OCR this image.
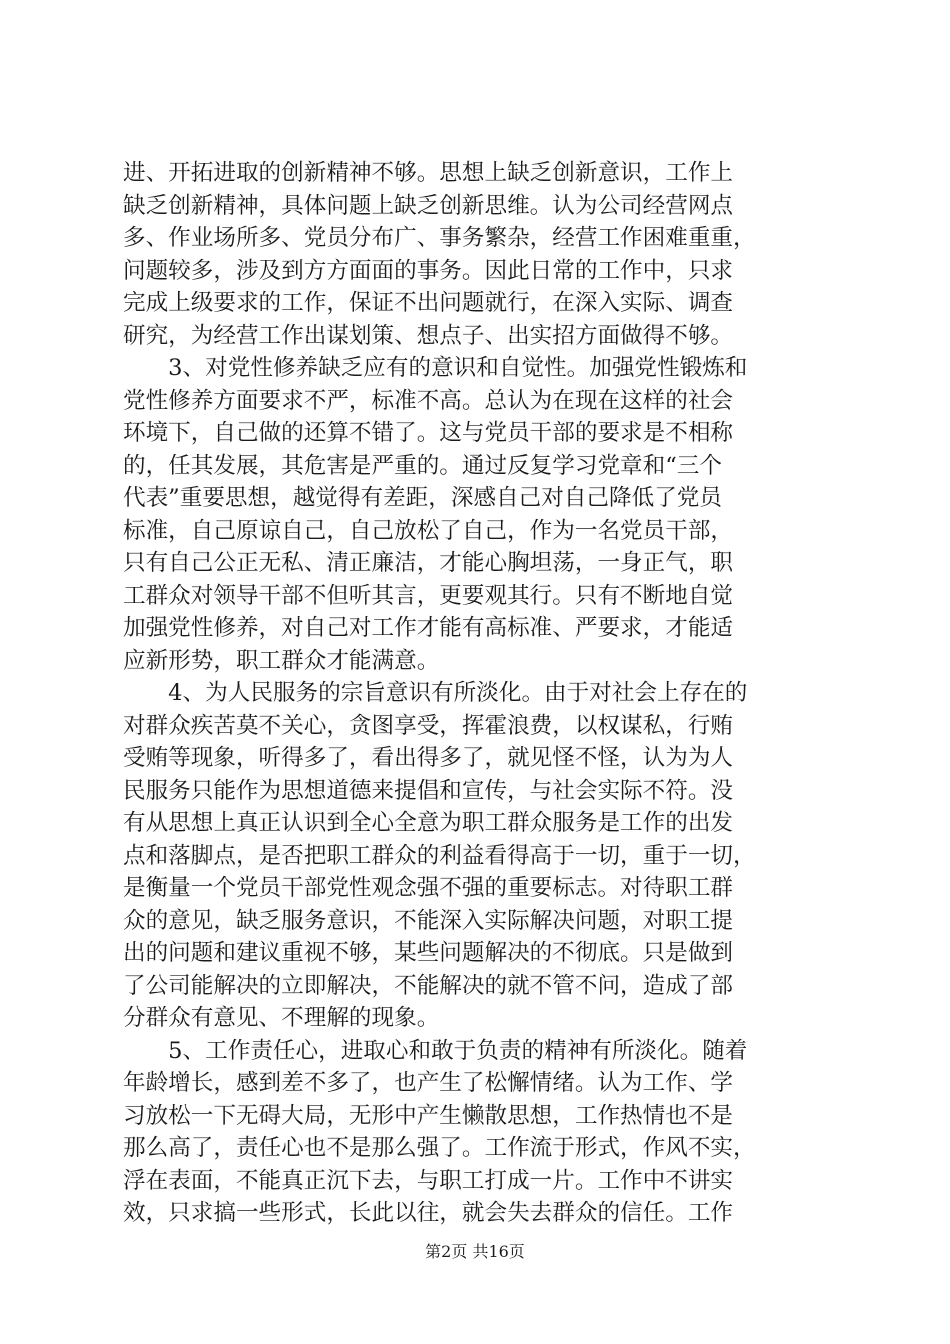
进、开拓进取的创新精神不够。思想上缺乏创新意识，工作上
缺乏创新精神，具体问题上缺乏创新思维。认为公司经营网点
多、作业场所多、党员分布广、事务繁杂，经营工作困难重重，
问题较多，涉及到方方面面的事务。因此日常的工作中，只求
完成上级要求的工作，保证不出问题就行，在深入实际、调查
研究，为经营工作出谋划策、想点子、出实招方面做得不够。
　　3、对党性修养缺乏应有的意识和自觉性。加强党性锻炼和
党性修养方面要求不严，标准不高。总认为在现在这样的社会
环境下，自己做的还算不错了。这与党员干部的要求是不相称
的，任其发展，其危害是严重的。通过反复学习党章和“三个
代表”重要思想，越觉得有差距，深感自己对自己降低了党员
标准，自己原谅自己，自己放松了自己，作为一名党员干部，
只有自己公正无私、清正廉洁，才能心胸坦荡，一身正气，职
工群众对领导干部不但听其言，更要观其行。只有不断地自觉
加强党性修养，对自己对工作才能有高标准、严要求，才能适
应新形势，职工群众才能满意。
　　4、为人民服务的宗旨意识有所淡化。由于对社会上存在的
对群众疾苦莫不关心，贪图享受，挥霍浪费，以权谋私，行贿
受贿等现象，听得多了，看出得多了，就见怪不怪，认为为人
民服务只能作为思想道德来提倡和宣传，与社会实际不符。没
有从思想上真正认识到全心全意为职工群众服务是工作的出发
点和落脚点，是否把职工群众的利益看得高于一切，重于一切，
是衡量一个党员干部党性观念强不强的重要标志。对待职工群
众的意见，缺乏服务意识，不能深入实际解决问题，对职工提
出的问题和建议重视不够，某些问题解决的不彻底。只是做到
了公司能解决的立即解决，不能解决的就不管不问，造成了部
分群众有意见、不理解的现象。
　　5、工作责任心，进取心和敢于负责的精神有所淡化。随着
年龄增长，感到差不多了，也产生了松懈情绪。认为工作、学
习放松一下无碍大局，无形中产生懒散思想，工作热情也不是
那么高了，责任心也不是那么强了。工作流于形式，作风不实，
浮在表面，不能真正沉下去，与职工打成一片。工作中不讲实
效，只求搞一些形式，长此以往，就会失去群众的信任。工作
第2页 共16页
